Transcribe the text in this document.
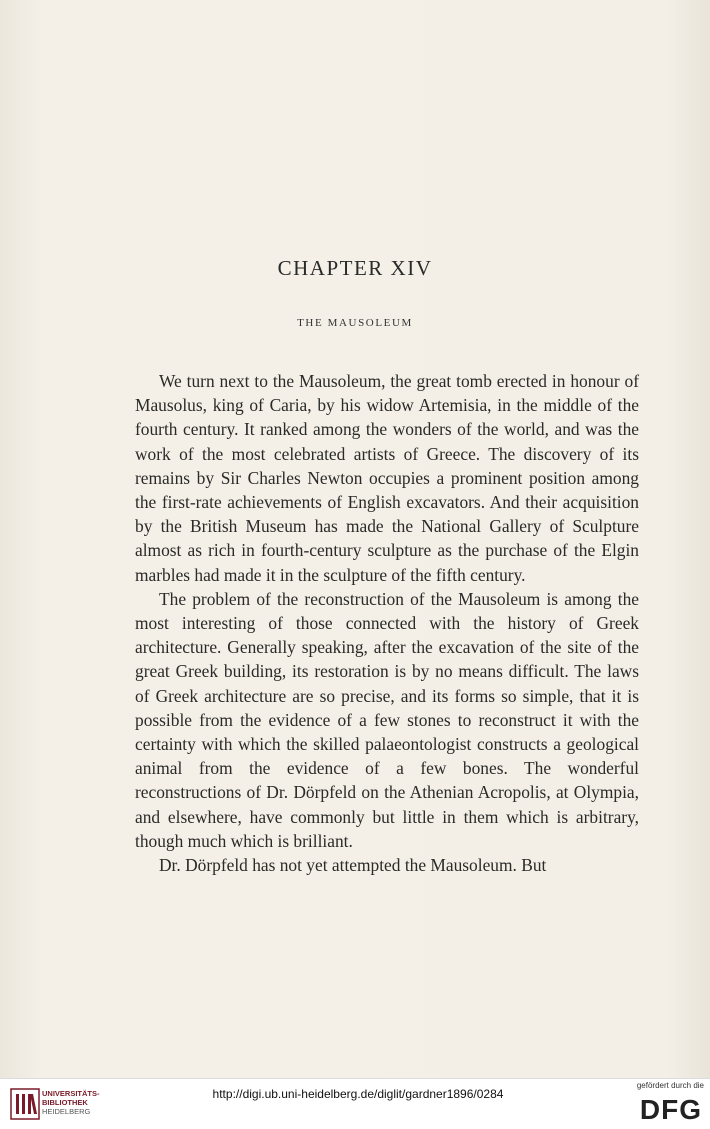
CHAPTER XIV
THE MAUSOLEUM

We turn next to the Mausoleum, the great tomb erected in honour of Mausolus, king of Caria, by his widow Artemisia, in the middle of the fourth century. It ranked among the wonders of the world, and was the work of the most celebrated artists of Greece. The discovery of its remains by Sir Charles Newton occupies a prominent position among the first-rate achievements of English excavators. And their acquisition by the British Museum has made the National Gallery of Sculpture almost as rich in fourth-century sculpture as the purchase of the Elgin marbles had made it in the sculpture of the fifth century.

The problem of the reconstruction of the Mausoleum is among the most interesting of those connected with the history of Greek architecture. Generally speaking, after the excavation of the site of the great Greek building, its restoration is by no means difficult. The laws of Greek architecture are so precise, and its forms so simple, that it is possible from the evidence of a few stones to reconstruct it with the certainty with which the skilled palaeontologist constructs a geological animal from the evidence of a few bones. The wonderful reconstructions of Dr. Dörpfeld on the Athenian Acropolis, at Olympia, and elsewhere, have commonly but little in them which is arbitrary, though much which is brilliant.

Dr. Dörpfeld has not yet attempted the Mausoleum. But

UNIVERSITÄTS-
BIBLIOTHEK
HEIDELBERG
http://digi.ub.uni-heidelberg.de/diglit/gardner1896/0284
gefördert durch die
DFG
